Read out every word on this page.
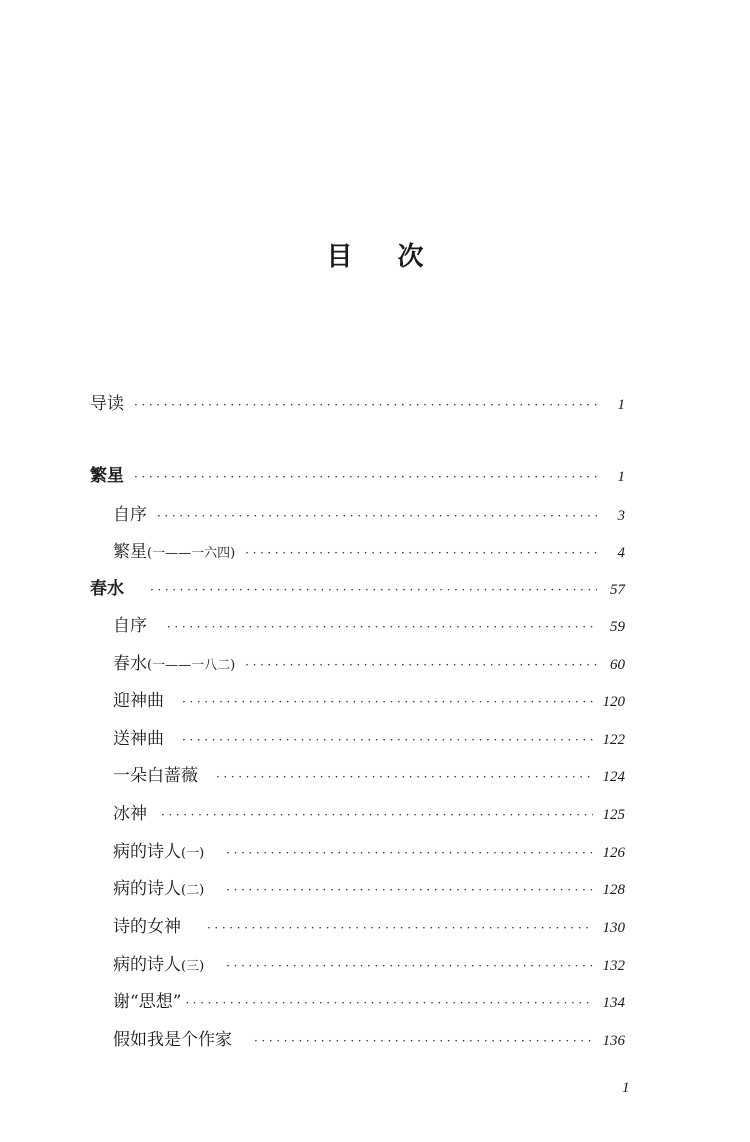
目 次
导读 ·····	1
繁星 ·····	1
自序 ·····	3
繁星(一——一六四) ·····	4
春水 ·····	57
自序 ·····	59
春水(一——一八二) ·····	60
迎神曲 ·····	120
送神曲 ·····	122
一朵白蔷薇 ·····	124
冰神 ·····	125
病的诗人(一) ·····	126
病的诗人(二) ·····	128
诗的女神 ·····	130
病的诗人(三) ·····	132
谢“思想” ·····	134
假如我是个作家 ·····	136
1
